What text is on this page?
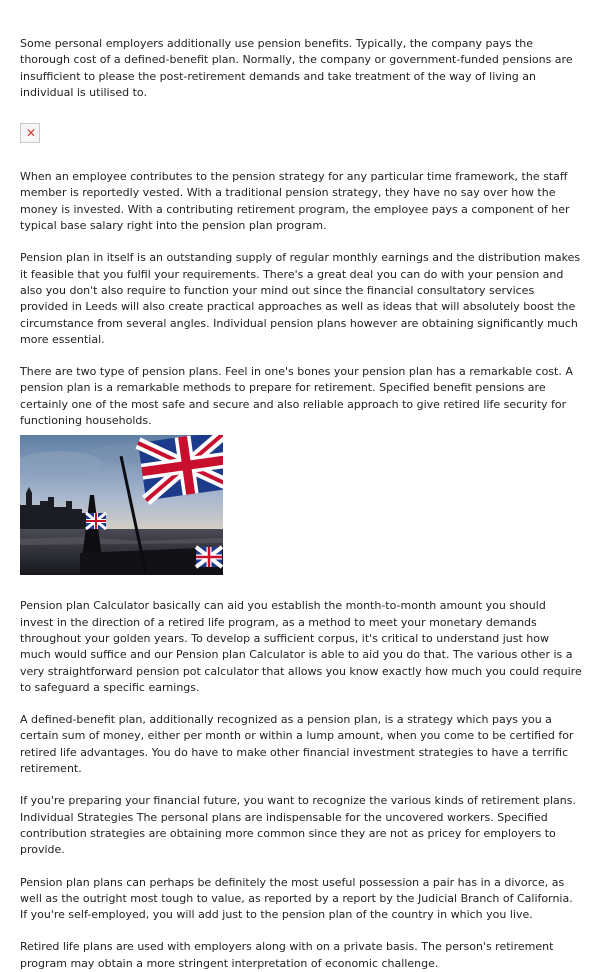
Some personal employers additionally use pension benefits. Typically, the company pays the thorough cost of a defined-benefit plan. Normally, the company or government-funded pensions are insufficient to please the post-retirement demands and take treatment of the way of living an individual is utilised to.

✕

When an employee contributes to the pension strategy for any particular time framework, the staff member is reportedly vested. With a traditional pension strategy, they have no say over how the money is invested. With a contributing retirement program, the employee pays a component of her typical base salary right into the pension plan program.

Pension plan in itself is an outstanding supply of regular monthly earnings and the distribution makes it feasible that you fulfil your requirements. There's a great deal you can do with your pension and also you don't also require to function your mind out since the financial consultatory services provided in Leeds will also create practical approaches as well as ideas that will absolutely boost the circumstance from several angles. Individual pension plans however are obtaining significantly much more essential.

There are two type of pension plans. Feel in one's bones your pension plan has a remarkable cost. A pension plan is a remarkable methods to prepare for retirement. Specified benefit pensions are certainly one of the most safe and secure and also reliable approach to give retired life security for functioning households.

Pension plan Calculator basically can aid you establish the month-to-month amount you should invest in the direction of a retired life program, as a method to meet your monetary demands throughout your golden years. To develop a sufficient corpus, it's critical to understand just how much would suffice and our Pension plan Calculator is able to aid you do that. The various other is a very straightforward pension pot calculator that allows you know exactly how much you could require to safeguard a specific earnings.

A defined-benefit plan, additionally recognized as a pension plan, is a strategy which pays you a certain sum of money, either per month or within a lump amount, when you come to be certified for retired life advantages. You do have to make other financial investment strategies to have a terrific retirement.

If you're preparing your financial future, you want to recognize the various kinds of retirement plans. Individual Strategies The personal plans are indispensable for the uncovered workers. Specified contribution strategies are obtaining more common since they are not as pricey for employers to provide.

Pension plan plans can perhaps be definitely the most useful possession a pair has in a divorce, as well as the outright most tough to value, as reported by a report by the Judicial Branch of California. If you're self-employed, you will add just to the pension plan of the country in which you live.

Retired life plans are used with employers along with on a private basis. The person's retirement program may obtain a more stringent interpretation of economic challenge.
